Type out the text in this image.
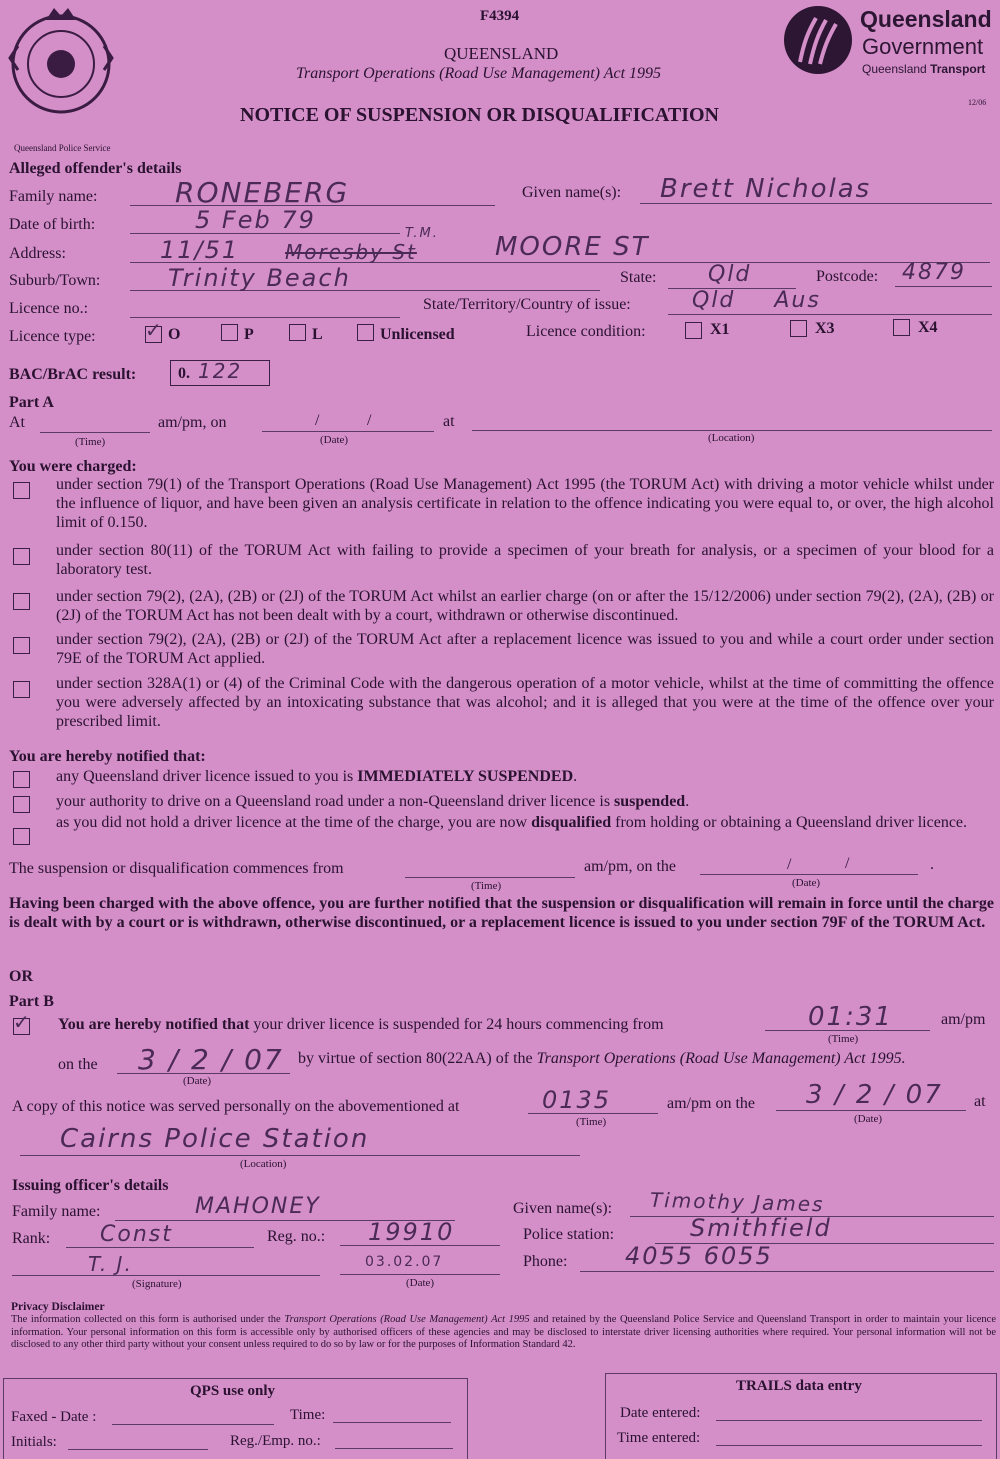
Queensland Police Service
F4394
QUEENSLAND
Transport Operations (Road Use Management) Act 1995
NOTICE OF SUSPENSION OR DISQUALIFICATION
Queensland
Government
Queensland Transport
12/06
Alleged offender's details
Family name:	RONEBERG	Given name(s): Brett Nicholas
Date of birth:	5 Feb 79
Address:	11/51 Moresby St
T.M. MOORE ST
Suburb/Town:	Trinity Beach	State: Qld	Postcode: 4879
Licence no.:	State/Territory/Country of issue:	Qld Aus
Licence type: ✓ O	P	L	Unlicensed	Licence condition:	X1	X3	X4
BAC/BrAC result:	0. 122
Part A
At
(Time)
am/pm, on	/	/
(Date)
at
(Location)
You were charged:
under section 79(1) of the Transport Operations (Road Use Management) Act 1995 (the TORUM Act) with driving a motor vehicle whilst under the influence of liquor, and have been given an analysis certificate in relation to the offence indicating you were equal to, or over, the high alcohol limit of 0.150.
under section 80(11) of the TORUM Act with failing to provide a specimen of your breath for analysis, or a specimen of your blood for a laboratory test.
under section 79(2), (2A), (2B) or (2J) of the TORUM Act whilst an earlier charge (on or after the 15/12/2006) under section 79(2), (2A), (2B) or (2J) of the TORUM Act has not been dealt with by a court, withdrawn or otherwise discontinued.
under section 79(2), (2A), (2B) or (2J) of the TORUM Act after a replacement licence was issued to you and while a court order under section 79E of the TORUM Act applied.
under section 328A(1) or (4) of the Criminal Code with the dangerous operation of a motor vehicle, whilst at the time of committing the offence you were adversely affected by an intoxicating substance that was alcohol; and it is alleged that you were at the time of the offence over your prescribed limit.
You are hereby notified that:
any Queensland driver licence issued to you is IMMEDIATELY SUSPENDED.
your authority to drive on a Queensland road under a non-Queensland driver licence is suspended.
as you did not hold a driver licence at the time of the charge, you are now disqualified from holding or obtaining a Queensland driver licence.
The suspension or disqualification commences from
(Time)
am/pm, on the	/	/	.
(Date)
Having been charged with the above offence, you are further notified that the suspension or disqualification will remain in force until the charge is dealt with by a court or is withdrawn, otherwise discontinued, or a replacement licence is issued to you under section 79F of the TORUM Act.
OR
Part B
✓ You are hereby notified that your driver licence is suspended for 24 hours commencing from	01:31
(Time)
am/pm
on the 3 / 2 / 07
(Date)
by virtue of section 80(22AA) of the Transport Operations (Road Use Management) Act 1995.
A copy of this notice was served personally on the abovementioned at	0135
(Time)
am/pm on the 3 / 2 / 07
(Date)
at
Cairns Police Station
(Location)
Issuing officer's details
Family name:	MAHONEY	Given name(s): Timothy James
Rank: Const	Reg. no.: 19910	Police station:	Smithfield
T. J.
(Signature)
03.02.07
(Date)
Phone: 4055 6055
Privacy Disclaimer
The information collected on this form is authorised under the Transport Operations (Road Use Management) Act 1995 and retained by the Queensland Police Service and Queensland Transport in order to maintain your licence information. Your personal information on this form is accessible only by authorised officers of these agencies and may be disclosed to interstate driver licensing authorities where required. Your personal information will not be disclosed to any other third party without your consent unless required to do so by law or for the purposes of Information Standard 42.
QPS use only
Faxed - Date :	Time:
Initials:	Reg./Emp. no.:
TRAILS data entry
Date entered:
Time entered:
